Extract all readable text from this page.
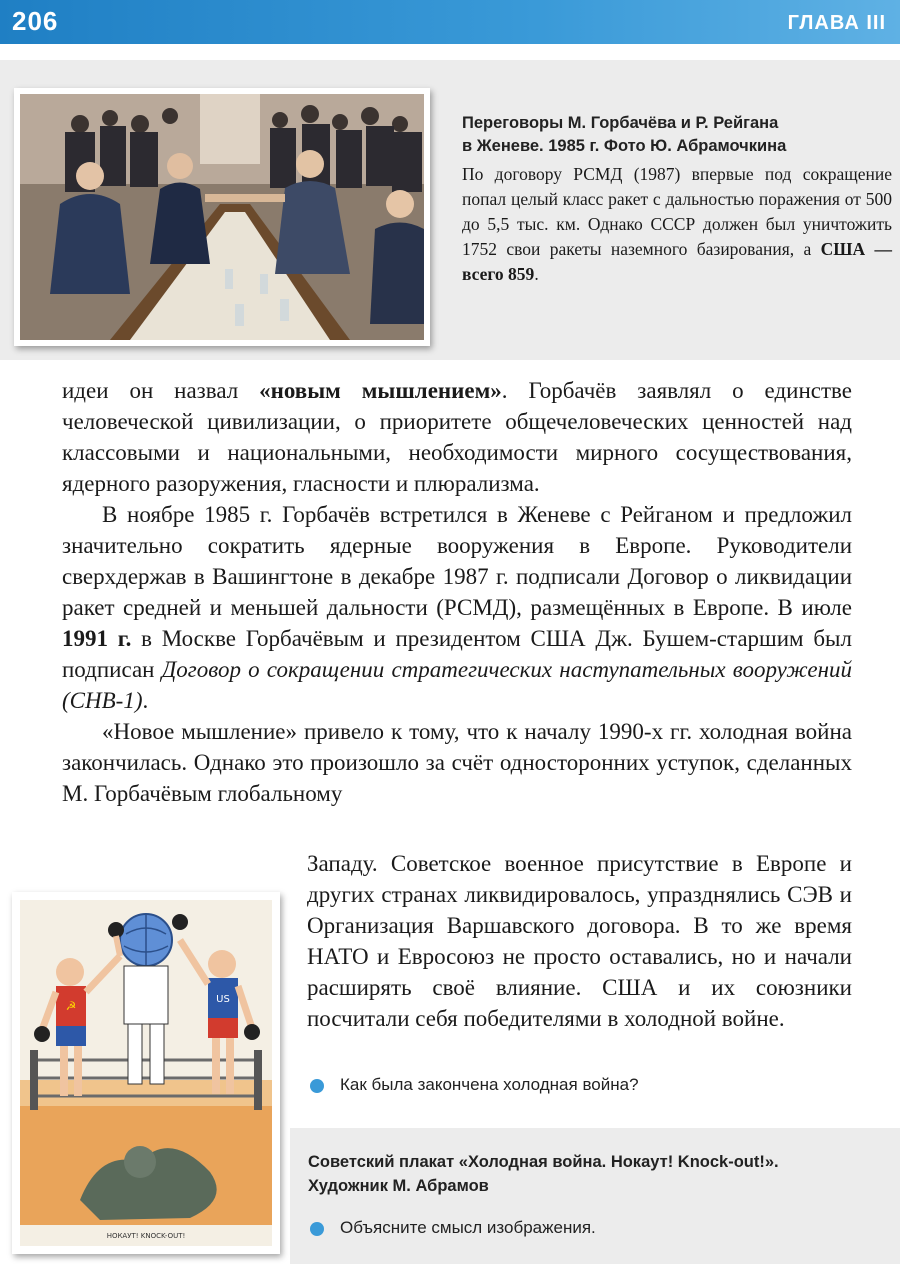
206	ГЛАВА III
Переговоры М. Горбачёва и Р. Рейгана
в Женеве. 1985 г. Фото Ю. Абрамочкина
По договору РСМД (1987) впервые под сокращение попал целый класс ракет с дальностью поражения от 500 до 5,5 тыс. км. Однако СССР должен был уничтожить 1752 свои ракеты наземного базирования, а США — всего 859.

идеи он назвал «новым мышлением». Горбачёв заявлял о единстве человеческой цивилизации, о приоритете общечеловеческих ценностей над классовыми и национальными, необходимости мирного сосуществования, ядерного разоружения, гласности и плюрализма.

В ноябре 1985 г. Горбачёв встретился в Женеве с Рейганом и предложил значительно сократить ядерные вооружения в Европе. Руководители сверхдержав в Вашингтоне в декабре 1987 г. подписали Договор о ликвидации ракет средней и меньшей дальности (РСМД), размещённых в Европе. В июле 1991 г. в Москве Горбачёвым и президентом США Дж. Бушем-старшим был подписан Договор о сокращении стратегических наступательных вооружений (СНВ-1).

«Новое мышление» привело к тому, что к началу 1990-х гг. холодная война закончилась. Однако это произошло за счёт односторонних уступок, сделанных М. Горбачёвым глобальному

☭	US
НОКАУТ! KNOCK-OUT!
Западу. Советское военное присутствие в Европе и других странах ликвидировалось, упразднялись СЭВ и Организация Варшавского договора. В то же время НАТО и Евросоюз не просто оставались, но и начали расширять своё влияние. США и их союзники посчитали себя победителями в холодной войне.
Как была закончена холодная война?
Советский плакат «Холодная война. Нокаут! Knock-out!».
Художник М. Абрамов
Объясните смысл изображения.
